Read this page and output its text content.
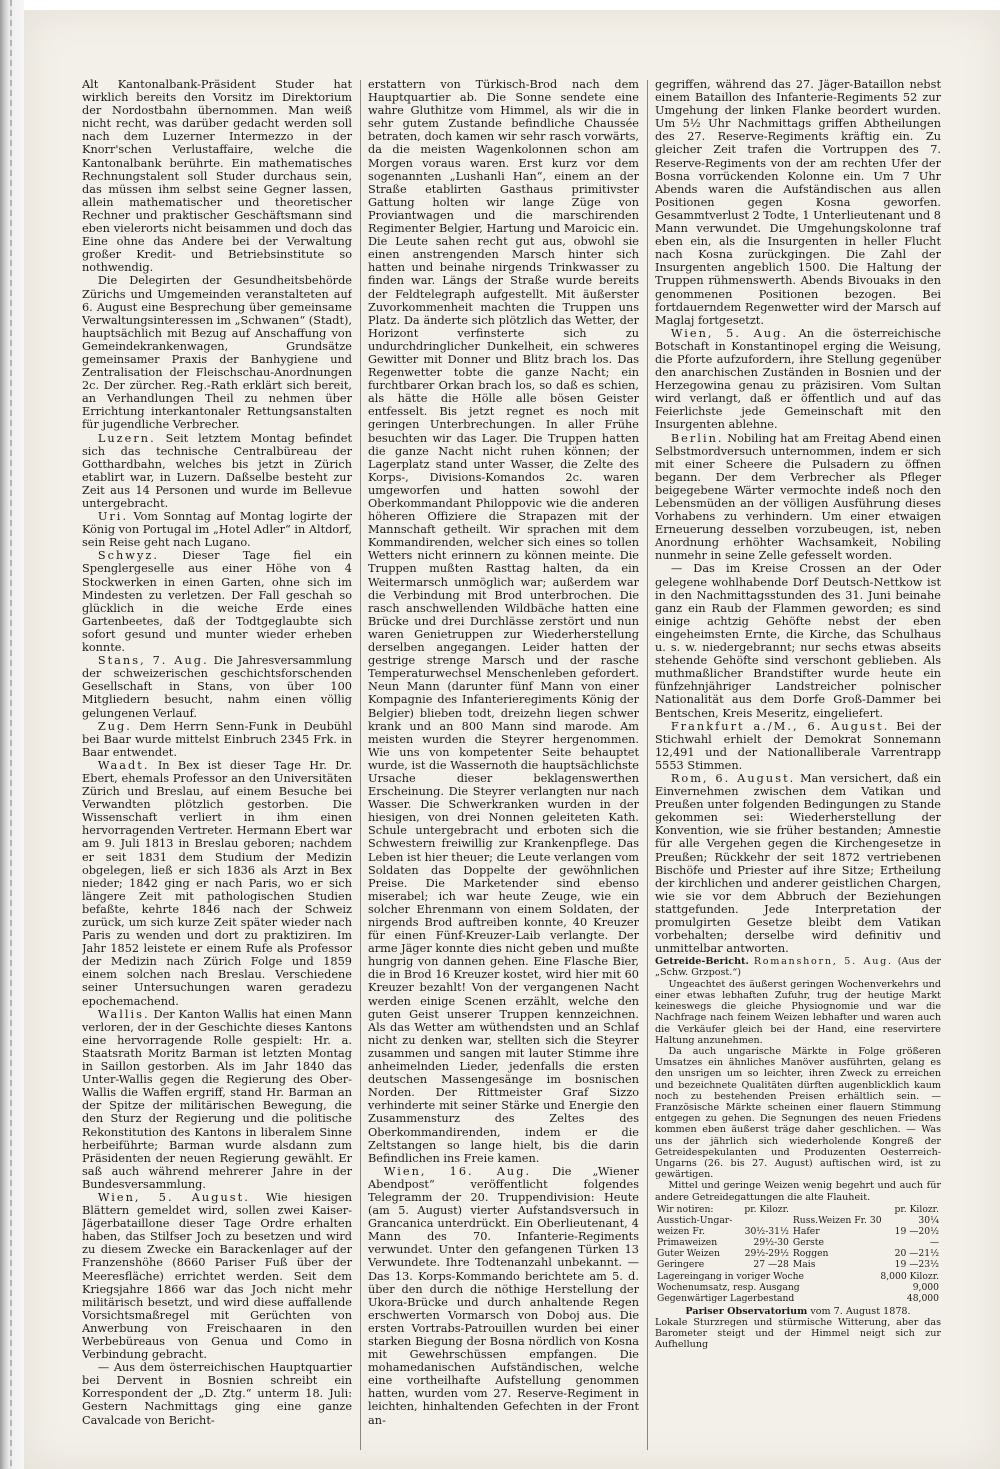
Alt Kantonalbank-Präsident Studer hat wirklich bereits den Vorsitz im Direktorium der Nordostbahn übernommen. Man weiß nicht recht, was darüber gedacht werden soll nach dem Luzerner Intermezzo in der Knorr'schen Verlustaffaire, welche die Kantonalbank berührte. Ein mathematisches Rechnungstalent soll Studer durchaus sein, das müssen ihm selbst seine Gegner lassen, allein mathematischer und theoretischer Rechner und praktischer Geschäftsmann sind eben vielerorts nicht beisammen und doch das Eine ohne das Andere bei der Verwaltung großer Kredit- und Betriebsinstitute so nothwendig.

Die Delegirten der Gesundheitsbehörde Zürichs und Umgemeinden veranstalteten auf 6. August eine Besprechung über gemeinsame Verwaltungsinteressen im „Schwanen“ (Stadt), hauptsächlich mit Bezug auf Anschaffung von Gemeindekrankenwagen, Grundsätze gemeinsamer Praxis der Banhygiene und Zentralisation der Fleischschau-Anordnungen 2c. Der zürcher. Reg.-Rath erklärt sich bereit, an Verhandlungen Theil zu nehmen über Errichtung interkantonaler Rettungsanstalten für jugendliche Verbrecher.

Luzern. Seit letztem Montag befindet sich das technische Centralbüreau der Gotthardbahn, welches bis jetzt in Zürich etablirt war, in Luzern. Daßselbe besteht zur Zeit aus 14 Personen und wurde im Bellevue untergebracht.

Uri. Vom Sonntag auf Montag logirte der König von Portugal im „Hotel Adler“ in Altdorf, sein Reise geht nach Lugano.

Schwyz. Dieser Tage fiel ein Spenglergeselle aus einer Höhe von 4 Stockwerken in einen Garten, ohne sich im Mindesten zu verletzen. Der Fall geschah so glücklich in die weiche Erde eines Gartenbeetes, daß der Todtgeglaubte sich sofort gesund und munter wieder erheben konnte.

Stans, 7. Aug. Die Jahresversammlung der schweizerischen geschichtsforschenden Gesellschaft in Stans, von über 100 Mitgliedern besucht, nahm einen völlig gelungenen Verlauf.

Zug. Dem Herrn Senn-Funk in Deubühl bei Baar wurde mittelst Einbruch 2345 Frk. in Baar entwendet.

Waadt. In Bex ist dieser Tage Hr. Dr. Ebert, ehemals Professor an den Universitäten Zürich und Breslau, auf einem Besuche bei Verwandten plötzlich gestorben. Die Wissenschaft verliert in ihm einen hervorragenden Vertreter. Hermann Ebert war am 9. Juli 1813 in Breslau geboren; nachdem er seit 1831 dem Studium der Medizin obgelegen, ließ er sich 1836 als Arzt in Bex nieder; 1842 ging er nach Paris, wo er sich längere Zeit mit pathologischen Studien befaßte, kehrte 1846 nach der Schweiz zurück, um sich kurze Zeit später wieder nach Paris zu wenden und dort zu praktiziren. Im Jahr 1852 leistete er einem Rufe als Professor der Medizin nach Zürich Folge und 1859 einem solchen nach Breslau. Verschiedene seiner Untersuchungen waren geradezu epochemachend.

Wallis. Der Kanton Wallis hat einen Mann verloren, der in der Geschichte dieses Kantons eine hervorragende Rolle gespielt: Hr. a. Staatsrath Moritz Barman ist letzten Montag in Saillon gestorben. Als im Jahr 1840 das Unter-Wallis gegen die Regierung des Ober-Wallis die Waffen ergriff, stand Hr. Barman an der Spitze der militärischen Bewegung, die den Sturz der Regierung und die politische Rekonstitution des Kantons in liberalem Sinne herbeiführte; Barman wurde alsdann zum Präsidenten der neuen Regierung gewählt. Er saß auch während mehrerer Jahre in der Bundesversammlung.

Wien, 5. August. Wie hiesigen Blättern gemeldet wird, sollen zwei Kaiser-Jägerbataillone dieser Tage Ordre erhalten haben, das Stilfser Joch zu besetzen und wird zu diesem Zwecke ein Barackenlager auf der Franzenshöhe (8660 Pariser Fuß über der Meeresfläche) errichtet werden. Seit dem Kriegsjahre 1866 war das Joch nicht mehr militärisch besetzt, und wird diese auffallende Vorsichtsmaßregel mit Gerüchten von Anwerbung von Freischaaren in den Werbebüreaus von Genua und Como in Verbindung gebracht.

— Aus dem österreichischen Hauptquartier bei Dervent in Bosnien schreibt ein Korrespondent der „D. Ztg.“ unterm 18. Juli: Gestern Nachmittags ging eine ganze Cavalcade von Bericht-

erstattern von Türkisch-Brod nach dem Hauptquartier ab. Die Sonne sendete eine wahre Gluthitze vom Himmel, als wir die in sehr gutem Zustande befindliche Chaussée betraten, doch kamen wir sehr rasch vorwärts, da die meisten Wagenkolonnen schon am Morgen voraus waren. Erst kurz vor dem sogenannten „Lushanli Han“, einem an der Straße etablirten Gasthaus primitivster Gattung holten wir lange Züge von Proviantwagen und die marschirenden Regimenter Belgier, Hartung und Maroicic ein. Die Leute sahen recht gut aus, obwohl sie einen anstrengenden Marsch hinter sich hatten und beinahe nirgends Trinkwasser zu finden war. Längs der Straße wurde bereits der Feldtelegraph aufgestellt. Mit äußerster Zuvorkommenheit machten die Truppen uns Platz. Da änderte sich plötzlich das Wetter, der Horizont verfinsterte sich zu undurchdringlicher Dunkelheit, ein schweres Gewitter mit Donner und Blitz brach los. Das Regenwetter tobte die ganze Nacht; ein furchtbarer Orkan brach los, so daß es schien, als hätte die Hölle alle bösen Geister entfesselt. Bis jetzt regnet es noch mit geringen Unterbrechungen. In aller Frühe besuchten wir das Lager. Die Truppen hatten die ganze Nacht nicht ruhen können; der Lagerplatz stand unter Wasser, die Zelte des Korps-, Divisions-Komandos 2c. waren umgeworfen und hatten sowohl der Oberkommandant Philoppovic wie die anderen höheren Offiziere die Strapazen mit der Mannschaft getheilt. Wir sprachen mit dem Kommandirenden, welcher sich eines so tollen Wetters nicht erinnern zu können meinte. Die Truppen mußten Rasttag halten, da ein Weitermarsch unmöglich war; außerdem war die Verbindung mit Brod unterbrochen. Die rasch anschwellenden Wildbäche hatten eine Brücke und drei Durchlässe zerstört und nun waren Genietruppen zur Wiederherstellung derselben angegangen. Leider hatten der gestrige strenge Marsch und der rasche Temperaturwechsel Menschenleben gefordert. Neun Mann (darunter fünf Mann von einer Kompagnie des Infanterieregiments König der Belgier) blieben todt, dreizehn liegen schwer krank und an 800 Mann sind marode. Am meisten wurden die Steyrer hergenommen. Wie uns von kompetenter Seite behauptet wurde, ist die Wassernoth die hauptsächlichste Ursache dieser beklagenswerthen Erscheinung. Die Steyrer verlangten nur nach Wasser. Die Schwerkranken wurden in der hiesigen, von drei Nonnen geleiteten Kath. Schule untergebracht und erboten sich die Schwestern freiwillig zur Krankenpflege. Das Leben ist hier theuer; die Leute verlangen vom Soldaten das Doppelte der gewöhnlichen Preise. Die Marketender sind ebenso miserabel; ich war heute Zeuge, wie ein solcher Ehrenmann von einem Soldaten, der nirgends Brod auftreiben konnte, 40 Kreuzer für einen Fünf-Kreuzer-Laib verlangte. Der arme Jäger konnte dies nicht geben und mußte hungrig von dannen gehen. Eine Flasche Bier, die in Brod 16 Kreuzer kostet, wird hier mit 60 Kreuzer bezahlt! Von der vergangenen Nacht werden einige Scenen erzählt, welche den guten Geist unserer Truppen kennzeichnen. Als das Wetter am wüthendsten und an Schlaf nicht zu denken war, stellten sich die Steyrer zusammen und sangen mit lauter Stimme ihre anheimelnden Lieder, jedenfalls die ersten deutschen Massengesänge im bosnischen Norden. Der Rittmeister Graf Sizzo verhinderte mit seiner Stärke und Energie den Zusammensturz des Zeltes des Oberkommandirenden, indem er die Zeltstangen so lange hielt, bis die darin Befindlichen ins Freie kamen.

Wien, 16. Aug. Die „Wiener Abendpost“ veröffentlicht folgendes Telegramm der 20. Truppendivision: Heute (am 5. August) vierter Aufstandsversuch in Grancanica unterdrückt. Ein Oberlieutenant, 4 Mann des 70. Infanterie-Regiments verwundet. Unter den gefangenen Türken 13 Verwundete. Ihre Todtenanzahl unbekannt. — Das 13. Korps-Kommando berichtete am 5. d. über den durch die nöthige Herstellung der Ukora-Brücke und durch anhaltende Regen erschwerten Vormarsch von Doboj aus. Die ersten Vortrabs-Patrouillen wurden bei einer starken Biegung der Bosna nördlich von Kosna mit Gewehrschüssen empfangen. Die mohamedanischen Aufständischen, welche eine vortheilhafte Aufstellung genommen hatten, wurden vom 27. Reserve-Regiment in leichten, hinhaltenden Gefechten in der Front an-

gegriffen, während das 27. Jäger-Bataillon nebst einem Bataillon des Infanterie-Regiments 52 zur Umgehung der linken Flanke beordert wurden. Um 5½ Uhr Nachmittags griffen Abtheilungen des 27. Reserve-Regiments kräftig ein. Zu gleicher Zeit trafen die Vortruppen des 7. Reserve-Regiments von der am rechten Ufer der Bosna vorrückenden Kolonne ein. Um 7 Uhr Abends waren die Aufständischen aus allen Positionen gegen Kosna geworfen. Gesammtverlust 2 Todte, 1 Unterlieutenant und 8 Mann verwundet. Die Umgehungskolonne traf eben ein, als die Insurgenten in heller Flucht nach Kosna zurückgingen. Die Zahl der Insurgenten angeblich 1500. Die Haltung der Truppen rühmenswerth. Abends Bivouaks in den genommenen Positionen bezogen. Bei fortdauerndem Regenwetter wird der Marsch auf Maglaj fortgesetzt.

Wien, 5. Aug. An die österreichische Botschaft in Konstantinopel erging die Weisung, die Pforte aufzufordern, ihre Stellung gegenüber den anarchischen Zuständen in Bosnien und der Herzegowina genau zu präzisiren. Vom Sultan wird verlangt, daß er öffentlich und auf das Feierlichste jede Gemeinschaft mit den Insurgenten ablehne.

Berlin. Nobiling hat am Freitag Abend einen Selbstmordversuch unternommen, indem er sich mit einer Scheere die Pulsadern zu öffnen begann. Der dem Verbrecher als Pfleger beigegebene Wärter vermochte indeß noch den Lebensmüden an der völligen Ausführung dieses Vorhabens zu verhindern. Um einer etwaigen Erneuerung desselben vorzubeugen, ist, neben Anordnung erhöhter Wachsamkeit, Nobiling nunmehr in seine Zelle gefesselt worden.

— Das im Kreise Crossen an der Oder gelegene wohlhabende Dorf Deutsch-Nettkow ist in den Nachmittagsstunden des 31. Juni beinahe ganz ein Raub der Flammen geworden; es sind einige achtzig Gehöfte nebst der eben eingeheimsten Ernte, die Kirche, das Schulhaus u. s. w. niedergebrannt; nur sechs etwas abseits stehende Gehöfte sind verschont geblieben. Als muthmaßlicher Brandstifter wurde heute ein fünfzehnjähriger Landstreicher polnischer Nationalität aus dem Dorfe Groß-Dammer bei Bentschen, Kreis Meseritz, eingeliefert.

Frankfurt a./M., 6. August. Bei der Stichwahl erhielt der Demokrat Sonnemann 12,491 und der Nationalliberale Varrentrapp 5553 Stimmen.

Rom, 6. August. Man versichert, daß ein Einvernehmen zwischen dem Vatikan und Preußen unter folgenden Bedingungen zu Stande gekommen sei: Wiederherstellung der Konvention, wie sie früher bestanden; Amnestie für alle Vergehen gegen die Kirchengesetze in Preußen; Rückkehr der seit 1872 vertriebenen Bischöfe und Priester auf ihre Sitze; Ertheilung der kirchlichen und anderer geistlichen Chargen, wie sie vor dem Abbruch der Beziehungen stattgefunden. Jede Interpretation der promulgirten Gesetze bleibt dem Vatikan vorbehalten; derselbe wird definitiv und unmittelbar antworten.

Getreide-Bericht. Romanshorn, 5. Aug. (Aus der „Schw. Grzpost.“)

Ungeachtet des äußerst geringen Wochenverkehrs und einer etwas lebhaften Zufuhr, trug der heutige Markt keineswegs die gleiche Physiognomie und war die Nachfrage nach feinem Weizen lebhafter und waren auch die Verkäufer gleich bei der Hand, eine reservirtere Haltung anzunehmen.

Da auch ungarische Märkte in Folge größeren Umsatzes ein ähnliches Manöver ausführten, gelang es den unsrigen um so leichter, ihren Zweck zu erreichen und bezeichnete Qualitäten dürften augenblicklich kaum noch zu bestehenden Preisen erhältlich sein. — Französische Märkte scheinen einer flauern Stimmung entgegen zu gehen. Die Segnungen des neuen Friedens kommen eben äußerst träge daher geschlichen. — Was uns der jährlich sich wiederholende Kongreß der Getreidespekulanten und Produzenten Oesterreich-Ungarns (26. bis 27. August) auftischen wird, ist zu gewärtigen.

Mittel und geringe Weizen wenig begehrt und auch für andere Getreidegattungen die alte Flauheit.

Wir notiren:	pr. Kilozr.		pr. Kilozr.
Ausstich-Ungar-		Russ.Weizen Fr. 30	30¼
weizen Fr.	30½-31½	Hafer	19 —20½
Primaweizen	29½-30	Gerste	—
Guter Weizen	29½-29½	Roggen	20 —21½
Geringere	27 —28	Mais	19 —23½
Lagereingang in voriger Woche	8,000 Kilozr.
Wochenumsatz, resp. Ausgang	9,000
Gegenwärtiger Lagerbestand	48,000

Pariser Observatorium vom 7. August 1878.

Lokale Sturzregen und stürmische Witterung, aber das Barometer steigt und der Himmel neigt sich zur Aufhellung
